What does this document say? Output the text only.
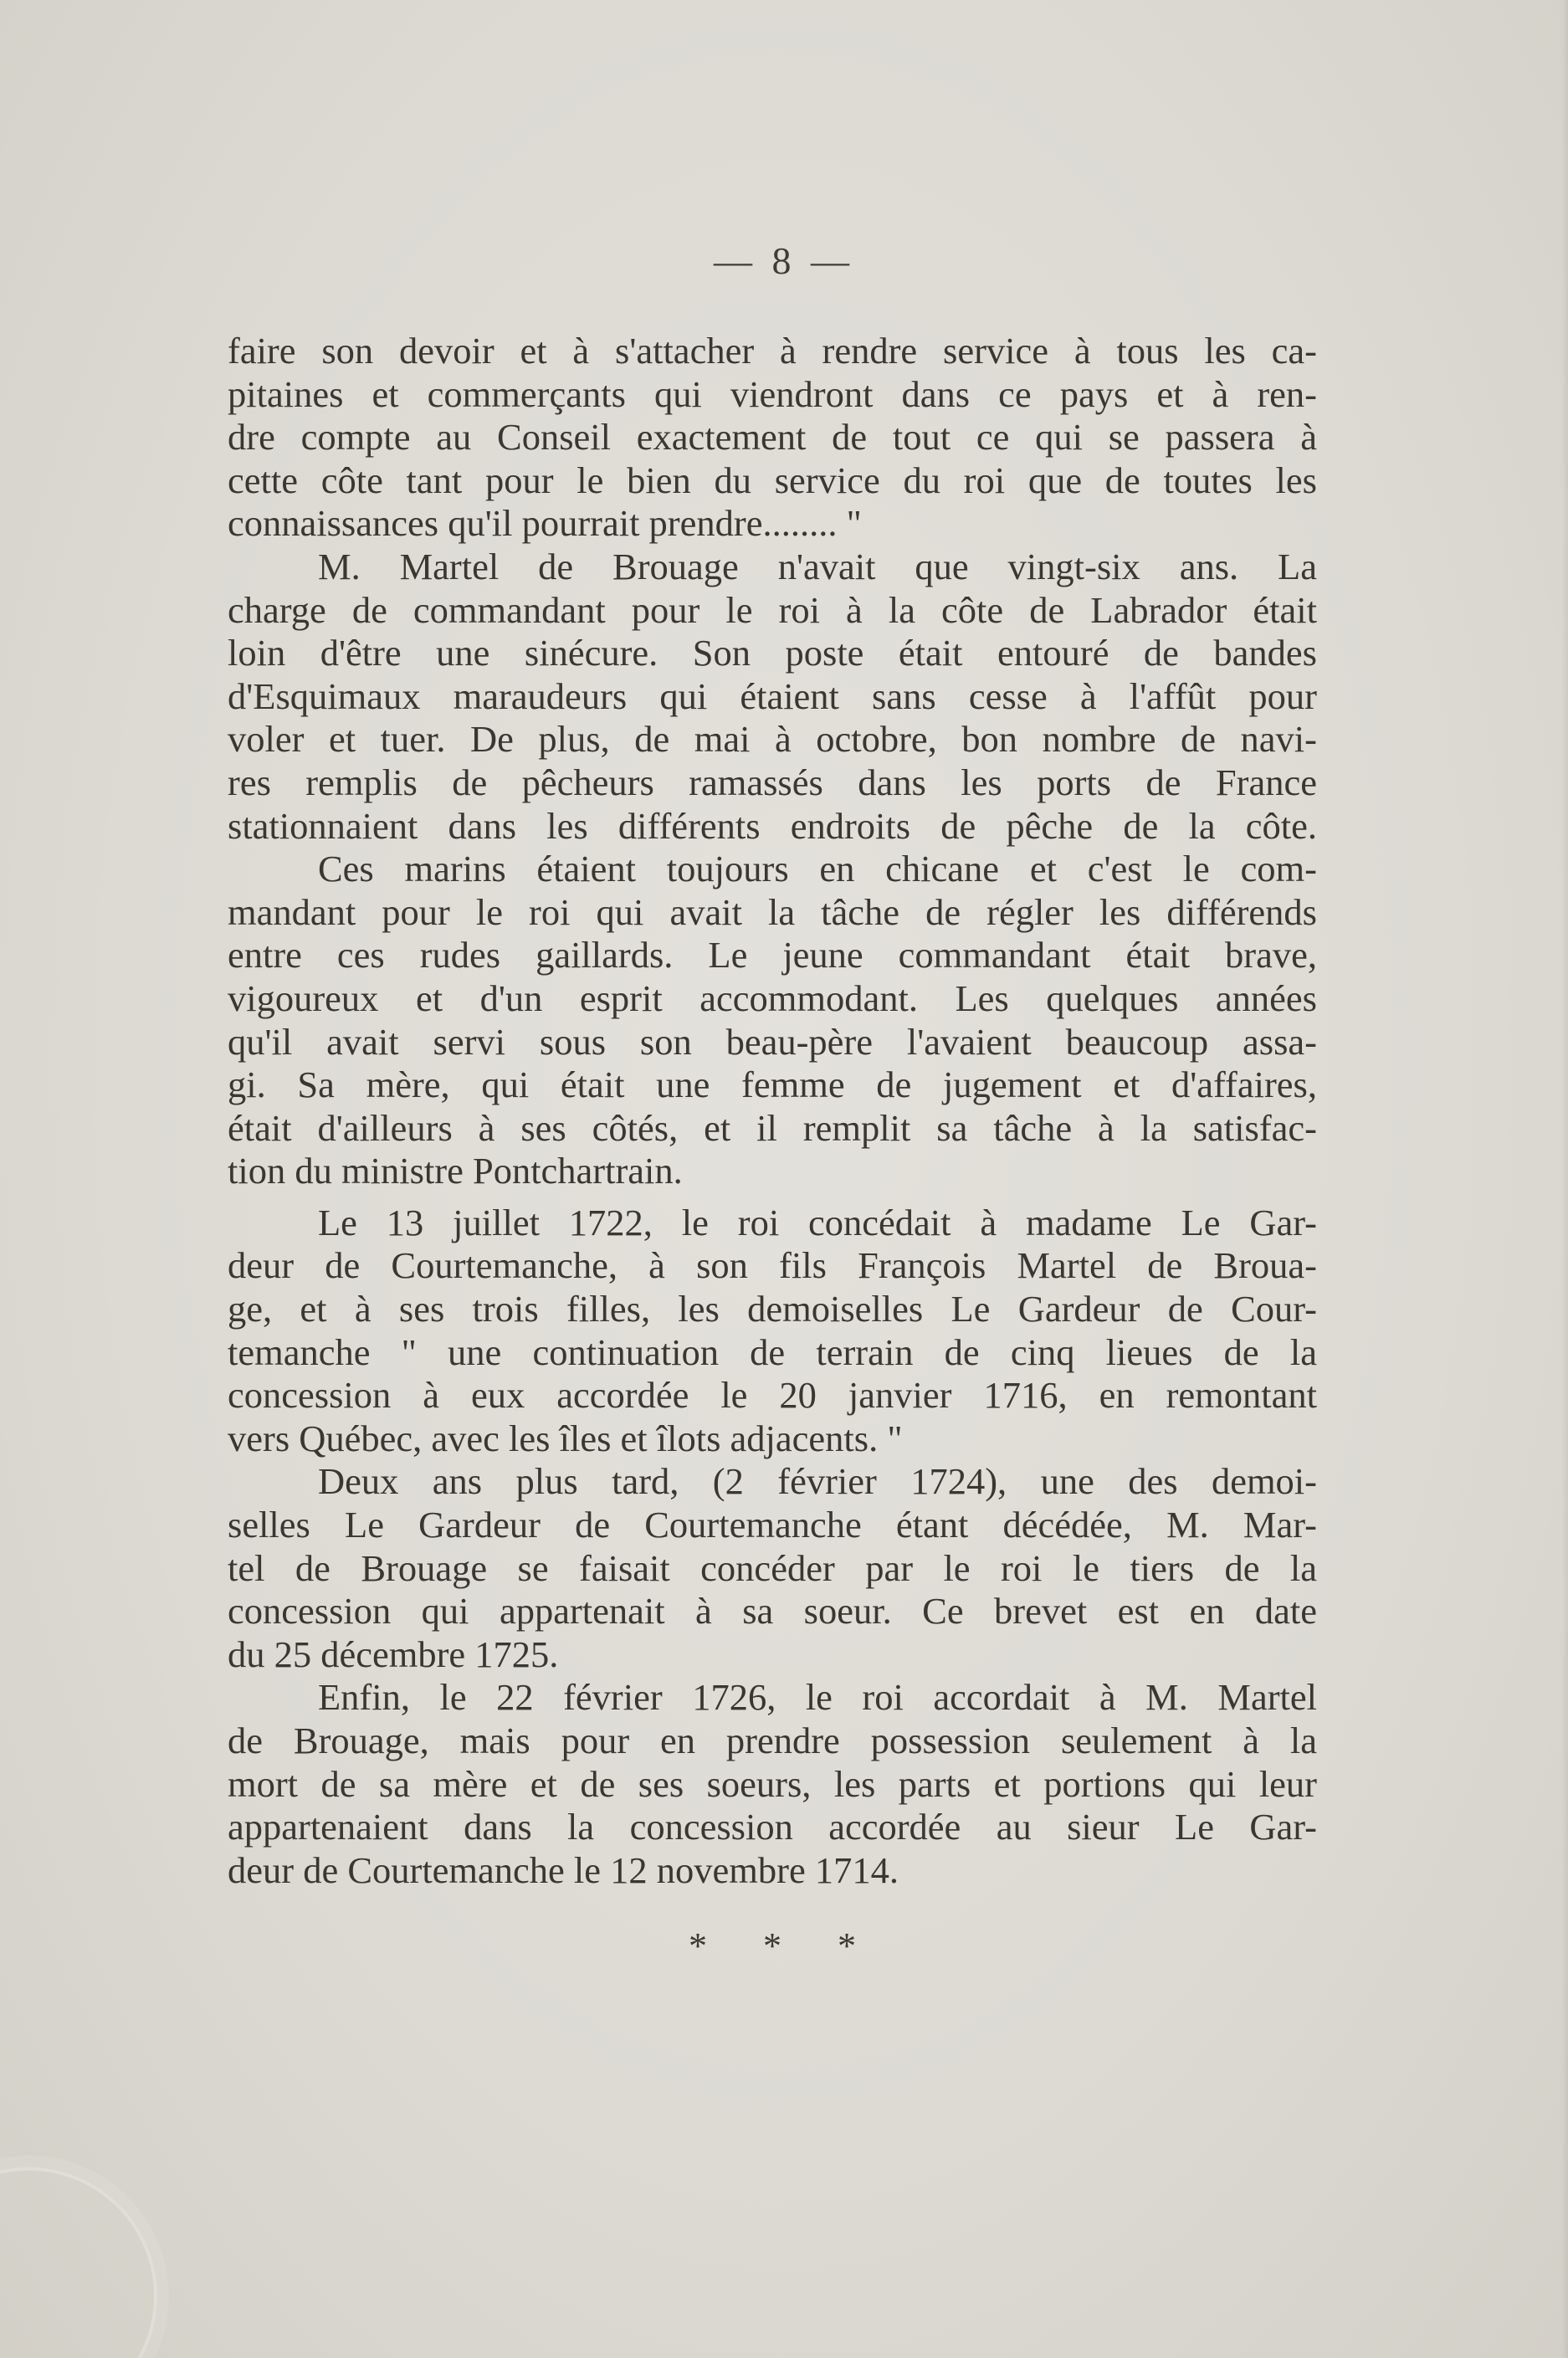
— 8 —

faire son devoir et à s'attacher à rendre service à tous les ca-
pitaines et commerçants qui viendront dans ce pays et à ren-
dre compte au Conseil exactement de tout ce qui se passera à
cette côte tant pour le bien du service du roi que de toutes les
connaissances qu'il pourrait prendre........ "

M. Martel de Brouage n'avait que vingt-six ans. La
charge de commandant pour le roi à la côte de Labrador était
loin d'être une sinécure. Son poste était entouré de bandes
d'Esquimaux maraudeurs qui étaient sans cesse à l'affût pour
voler et tuer. De plus, de mai à octobre, bon nombre de navi-
res remplis de pêcheurs ramassés dans les ports de France
stationnaient dans les différents endroits de pêche de la côte.

Ces marins étaient toujours en chicane et c'est le com-
mandant pour le roi qui avait la tâche de régler les différends
entre ces rudes gaillards. Le jeune commandant était brave,
vigoureux et d'un esprit accommodant. Les quelques années
qu'il avait servi sous son beau-père l'avaient beaucoup assa-
gi. Sa mère, qui était une femme de jugement et d'affaires,
était d'ailleurs à ses côtés, et il remplit sa tâche à la satisfac-
tion du ministre Pontchartrain.

Le 13 juillet 1722, le roi concédait à madame Le Gar-
deur de Courtemanche, à son fils François Martel de Broua-
ge, et à ses trois filles, les demoiselles Le Gardeur de Cour-
temanche " une continuation de terrain de cinq lieues de la
concession à eux accordée le 20 janvier 1716, en remontant
vers Québec, avec les îles et îlots adjacents. "

Deux ans plus tard, (2 février 1724), une des demoi-
selles Le Gardeur de Courtemanche étant décédée, M. Mar-
tel de Brouage se faisait concéder par le roi le tiers de la
concession qui appartenait à sa soeur. Ce brevet est en date
du 25 décembre 1725.

Enfin, le 22 février 1726, le roi accordait à M. Martel
de Brouage, mais pour en prendre possession seulement à la
mort de sa mère et de ses soeurs, les parts et portions qui leur
appartenaient dans la concession accordée au sieur Le Gar-
deur de Courtemanche le 12 novembre 1714.

* * *
